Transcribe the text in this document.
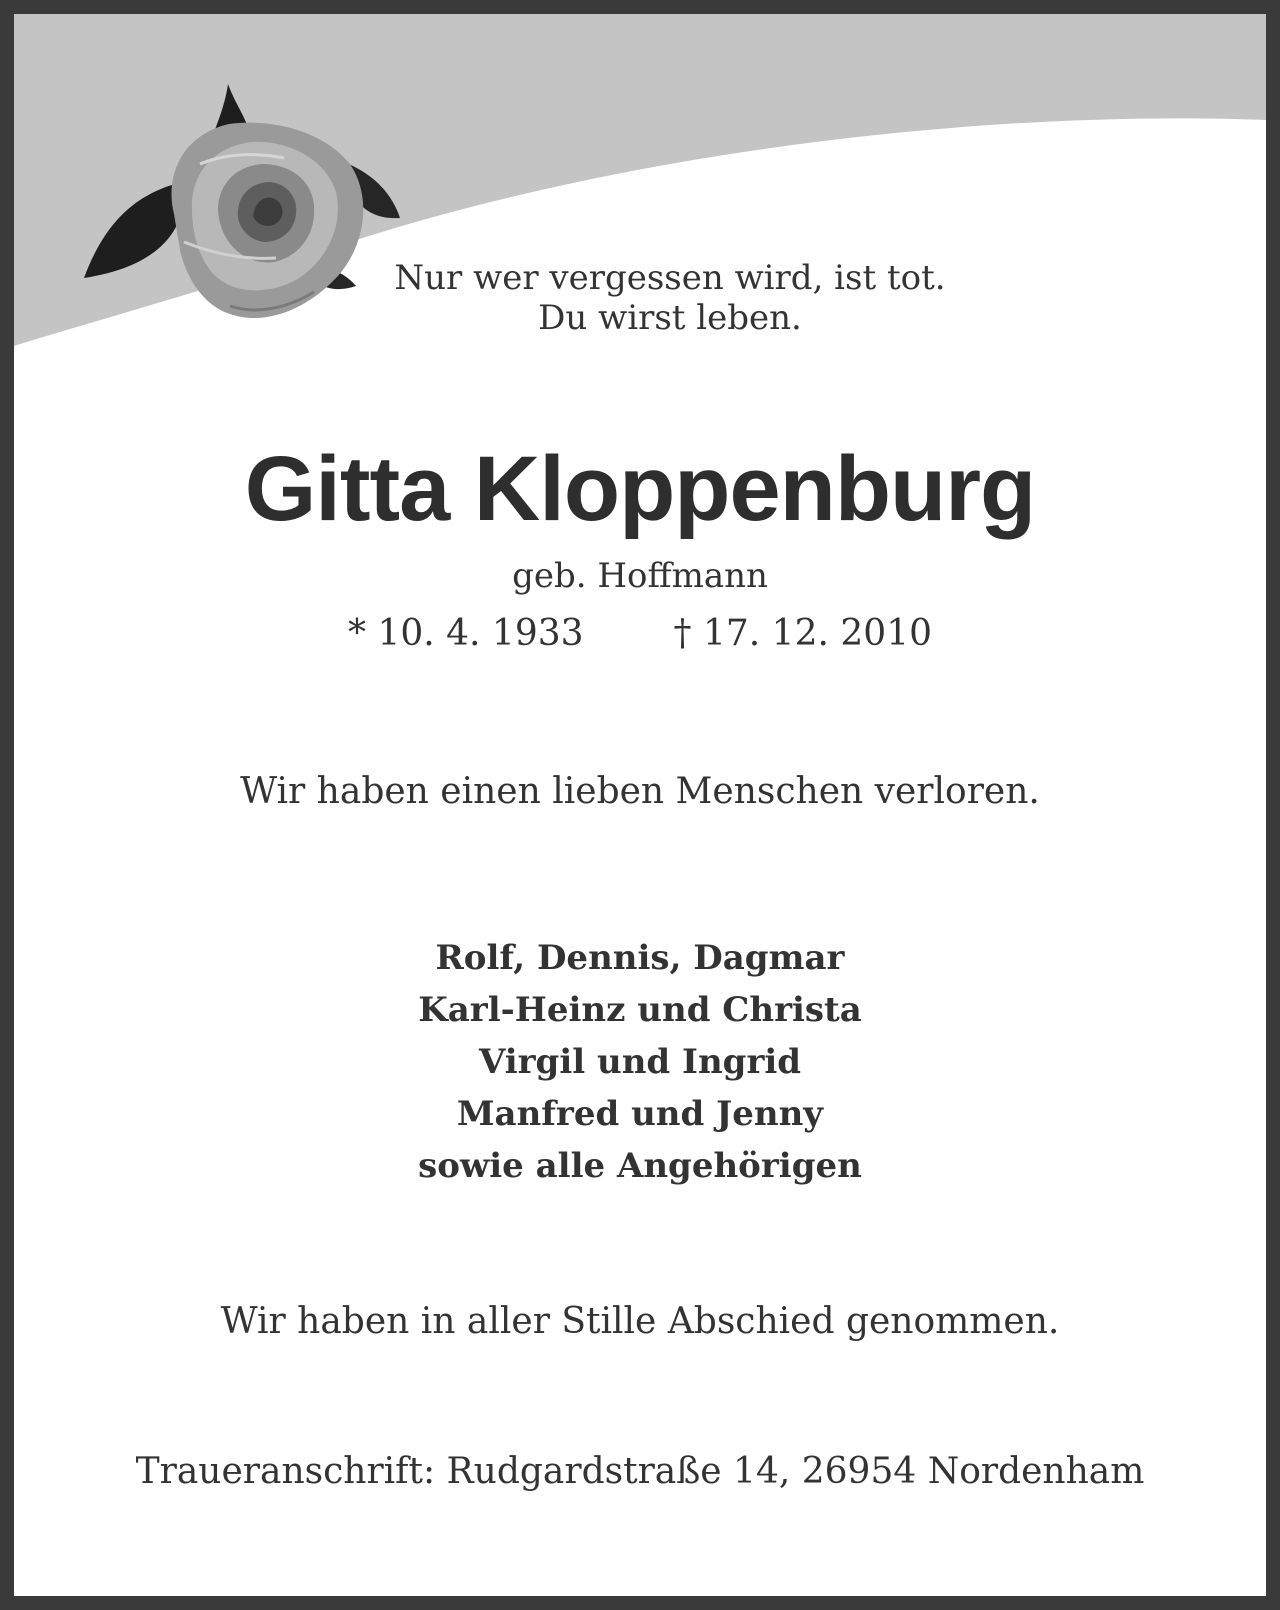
Nur wer vergessen wird, ist tot.
Du wirst leben.
Gitta Kloppenburg
geb. Hoffmann
* 10. 4. 1933	† 17. 12. 2010
Wir haben einen lieben Menschen verloren.
Rolf, Dennis, Dagmar
Karl-Heinz und Christa
Virgil und Ingrid
Manfred und Jenny
sowie alle Angehörigen
Wir haben in aller Stille Abschied genommen.
Traueranschrift: Rudgardstraße 14, 26954 Nordenham
